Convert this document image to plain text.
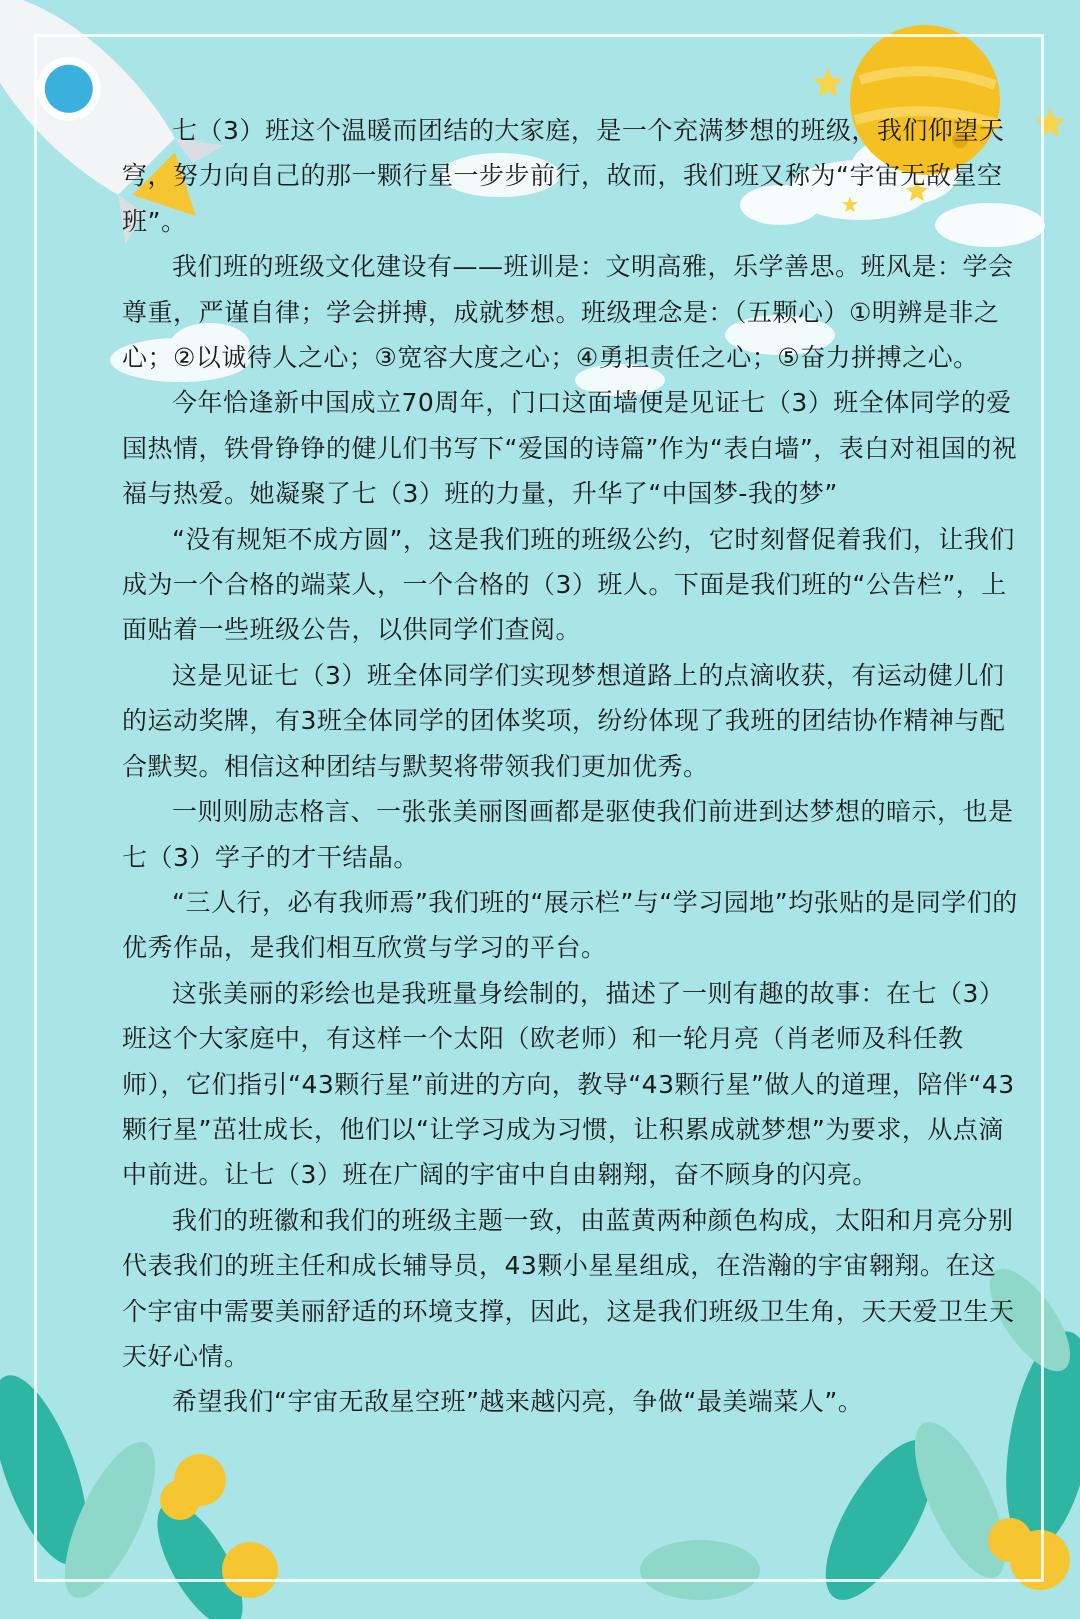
七（3）班这个温暖而团结的大家庭，是一个充满梦想的班级，我们仰望天穹，努力向自己的那一颗行星一步步前行，故而，我们班又称为“宇宙无敌星空班”。

我们班的班级文化建设有——班训是：文明高雅，乐学善思。班风是：学会尊重，严谨自律；学会拼搏，成就梦想。班级理念是：（五颗心）①明辨是非之心；②以诚待人之心；③宽容大度之心；④勇担责任之心；⑤奋力拼搏之心。

今年恰逢新中国成立70周年，门口这面墙便是见证七（3）班全体同学的爱国热情，铁骨铮铮的健儿们书写下“爱国的诗篇”作为“表白墙”，表白对祖国的祝福与热爱。她凝聚了七（3）班的力量，升华了“中国梦-我的梦”

“没有规矩不成方圆”，这是我们班的班级公约，它时刻督促着我们，让我们成为一个合格的端菜人，一个合格的（3）班人。下面是我们班的“公告栏”，上面贴着一些班级公告，以供同学们查阅。

这是见证七（3）班全体同学们实现梦想道路上的点滴收获，有运动健儿们的运动奖牌，有3班全体同学的团体奖项，纷纷体现了我班的团结协作精神与配合默契。相信这种团结与默契将带领我们更加优秀。

一则则励志格言、一张张美丽图画都是驱使我们前进到达梦想的暗示，也是七（3）学子的才干结晶。

“三人行，必有我师焉”我们班的“展示栏”与“学习园地”均张贴的是同学们的优秀作品，是我们相互欣赏与学习的平台。

这张美丽的彩绘也是我班量身绘制的，描述了一则有趣的故事：在七（3）班这个大家庭中，有这样一个太阳（欧老师）和一轮月亮（肖老师及科任教师），它们指引“43颗行星”前进的方向，教导“43颗行星”做人的道理，陪伴“43颗行星”茁壮成长，他们以“让学习成为习惯，让积累成就梦想”为要求，从点滴中前进。让七（3）班在广阔的宇宙中自由翱翔，奋不顾身的闪亮。

我们的班徽和我们的班级主题一致，由蓝黄两种颜色构成，太阳和月亮分别代表我们的班主任和成长辅导员，43颗小星星组成，在浩瀚的宇宙翱翔。在这个宇宙中需要美丽舒适的环境支撑，因此，这是我们班级卫生角，天天爱卫生天天好心情。

希望我们“宇宙无敌星空班”越来越闪亮，争做“最美端菜人”。
